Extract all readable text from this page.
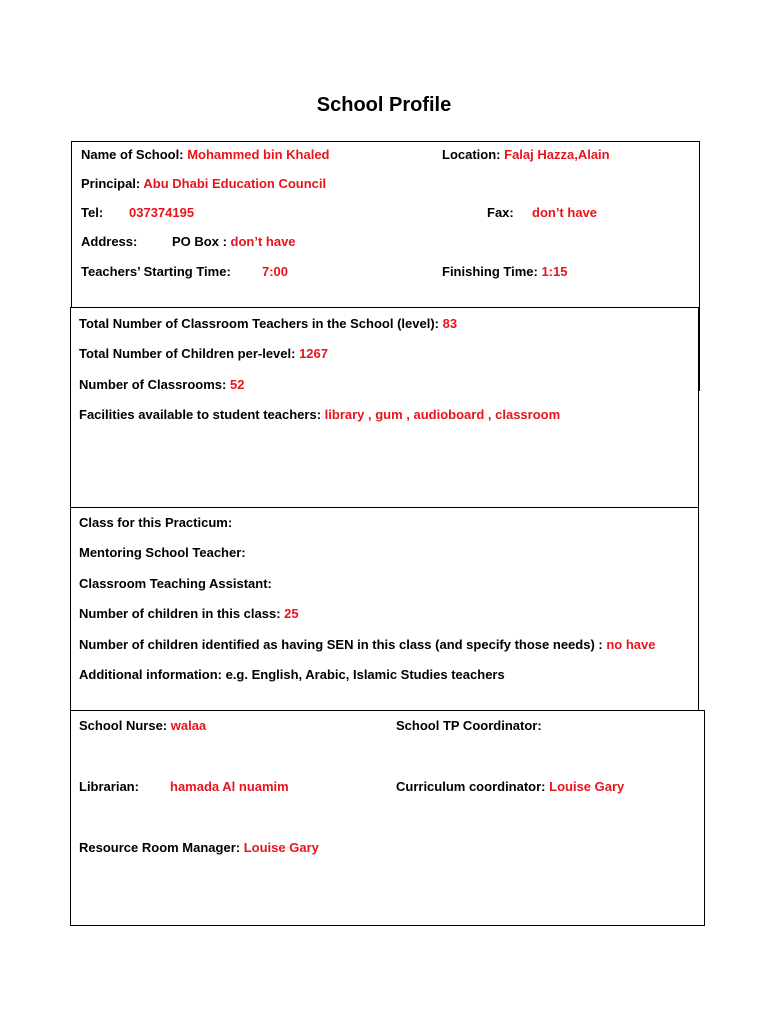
School Profile
Name of School: Mohammed bin Khaled	Location: Falaj Hazza,Alain
Principal: Abu Dhabi Education Council
Tel: 037374195	Fax: don’t have
Address:	PO Box : don’t have
Teachers’ Starting Time: 7:00	Finishing Time: 1:15
Total Number of Classroom Teachers in the School (level): 83
Total Number of Children per-level: 1267
Number of Classrooms: 52
Facilities available to student teachers: library , gum , audioboard , classroom
Class for this Practicum:
Mentoring School Teacher:
Classroom Teaching Assistant:
Number of children in this class: 25
Number of children identified as having SEN in this class (and specify those needs) : no have
Additional information: e.g. English, Arabic, Islamic Studies teachers
School Nurse: walaa	School TP Coordinator:
Librarian: hamada Al nuamim	Curriculum coordinator: Louise Gary
Resource Room Manager: Louise Gary
